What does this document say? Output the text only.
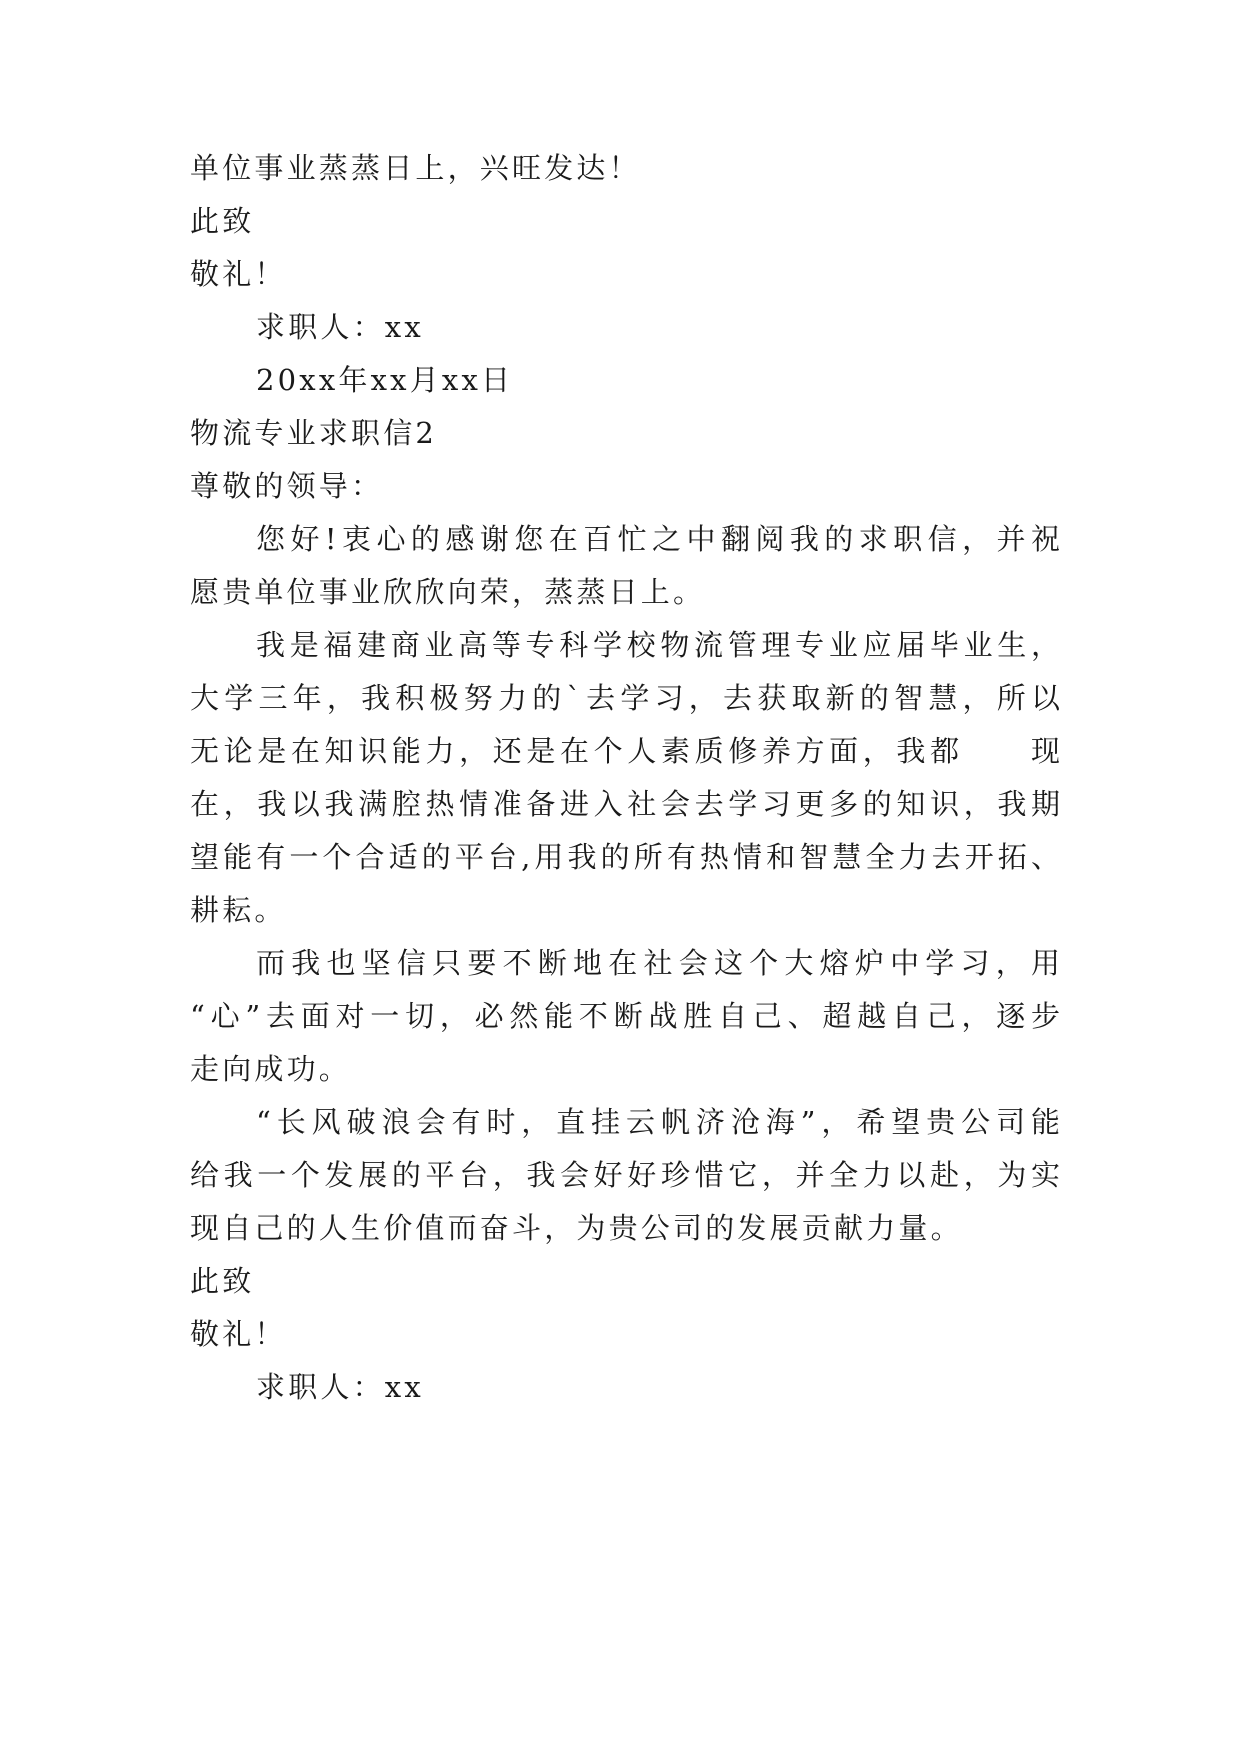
单位事业蒸蒸日上，兴旺发达！
此致
敬礼！
求职人：xx
20xx年xx月xx日
物流专业求职信2
尊敬的领导：
您好!衷心的感谢您在百忙之中翻阅我的求职信，并祝
愿贵单位事业欣欣向荣，蒸蒸日上。
我是福建商业高等专科学校物流管理专业应届毕业生，
大学三年，我积极努力的`去学习，去获取新的智慧，所以
无论是在知识能力，还是在个人素质修养方面，我都　　现
在，我以我满腔热情准备进入社会去学习更多的知识，我期
望能有一个合适的平台,用我的所有热情和智慧全力去开拓、
耕耘。
而我也坚信只要不断地在社会这个大熔炉中学习，用
“心”去面对一切，必然能不断战胜自己、超越自己，逐步
走向成功。
“长风破浪会有时，直挂云帆济沧海”，希望贵公司能
给我一个发展的平台，我会好好珍惜它，并全力以赴，为实
现自己的人生价值而奋斗，为贵公司的发展贡献力量。
此致
敬礼！
求职人：xx
